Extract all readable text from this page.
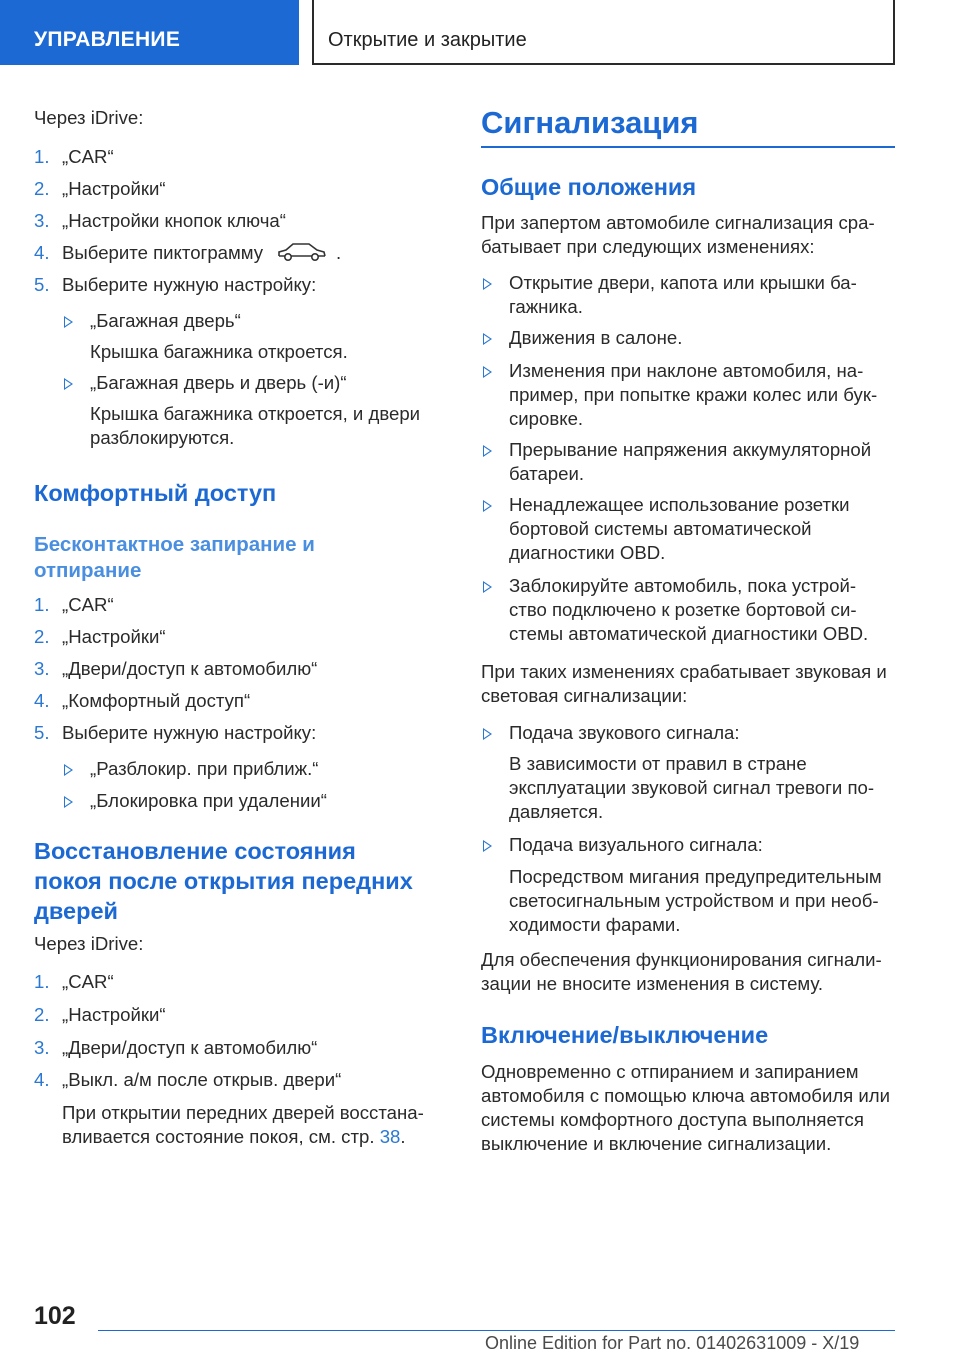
УПРАВЛЕНИЕ	Открытие и закрытие
Через iDrive:
1. „CAR“
2. „Настройки“
3. „Настройки кнопок ключа“
4. Выберите пиктограмму	.
5. Выберите нужную настройку:
„Багажная дверь“
Крышка багажника откроется.
„Багажная дверь и дверь (-и)“
Крышка багажника откроется, и двери
разблокируются.
Комфортный доступ
Бесконтактное запирание и
отпирание
1. „CAR“
2. „Настройки“
3. „Двери/доступ к автомобилю“
4. „Комфортный доступ“
5. Выберите нужную настройку:
„Разблокир. при приближ.“
„Блокировка при удалении“
Восстановление состояния
покоя после открытия передних
дверей
Через iDrive:
1. „CAR“
2. „Настройки“
3. „Двери/доступ к автомобилю“
4. „Выкл. а/м после открыв. двери“
При открытии передних дверей восстана-
вливается состояние покоя, см. стр. 38.
Сигнализация
Общие положения
При запертом автомобиле сигнализация сра-
батывает при следующих изменениях:
Открытие двери, капота или крышки ба-
гажника.
Движения в салоне.
Изменения при наклоне автомобиля, на-
пример, при попытке кражи колес или бук-
сировке.
Прерывание напряжения аккумуляторной
батареи.
Ненадлежащее использование розетки
бортовой системы автоматической
диагностики OBD.
Заблокируйте автомобиль, пока устрой-
ство подключено к розетке бортовой си-
стемы автоматической диагностики OBD.
При таких изменениях срабатывает звуковая и
световая сигнализации:
Подача звукового сигнала:
В зависимости от правил в стране
эксплуатации звуковой сигнал тревоги по-
давляется.
Подача визуального сигнала:
Посредством мигания предупредительным
светосигнальным устройством и при необ-
ходимости фарами.
Для обеспечения функционирования сигнали-
зации не вносите изменения в систему.
Включение/выключение
Одновременно с отпиранием и запиранием
автомобиля с помощью ключа автомобиля или
системы комфортного доступа выполняется
выключение и включение сигнализации.
102
Online Edition for Part no. 01402631009 - X/19
